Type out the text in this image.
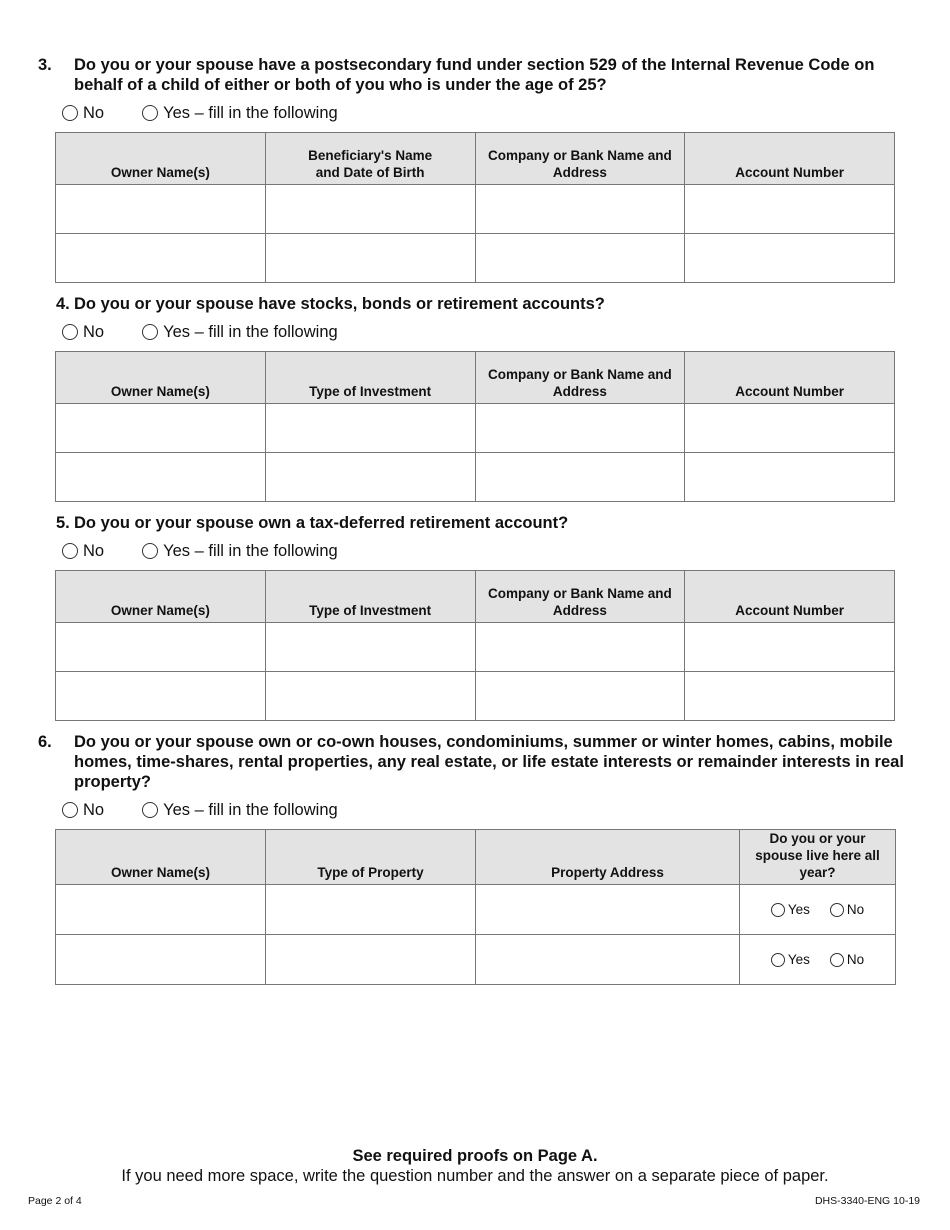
3. Do you or your spouse have a postsecondary fund under section 529 of the Internal Revenue Code on behalf of a child of either or both of you who is under the age of 25?
No	Yes – fill in the following
Owner Name(s)	Beneficiary's Name and Date of Birth	Company or Bank Name and Address	Account Number

4. Do you or your spouse have stocks, bonds or retirement accounts?
No	Yes – fill in the following
Owner Name(s)	Type of Investment	Company or Bank Name and Address	Account Number

5. Do you or your spouse own a tax-deferred retirement account?
No	Yes – fill in the following
Owner Name(s)	Type of Investment	Company or Bank Name and Address	Account Number

6. Do you or your spouse own or co-own houses, condominiums, summer or winter homes, cabins, mobile homes, time-shares, rental properties, any real estate, or life estate interests or remainder interests in real property?
No	Yes – fill in the following
Owner Name(s)	Type of Property	Property Address	Do you or your spouse live here all year?

			Yes No

			Yes No
See required proofs on Page A.
If you need more space, write the question number and the answer on a separate piece of paper.
Page 2 of 4	DHS-3340-ENG 10-19
